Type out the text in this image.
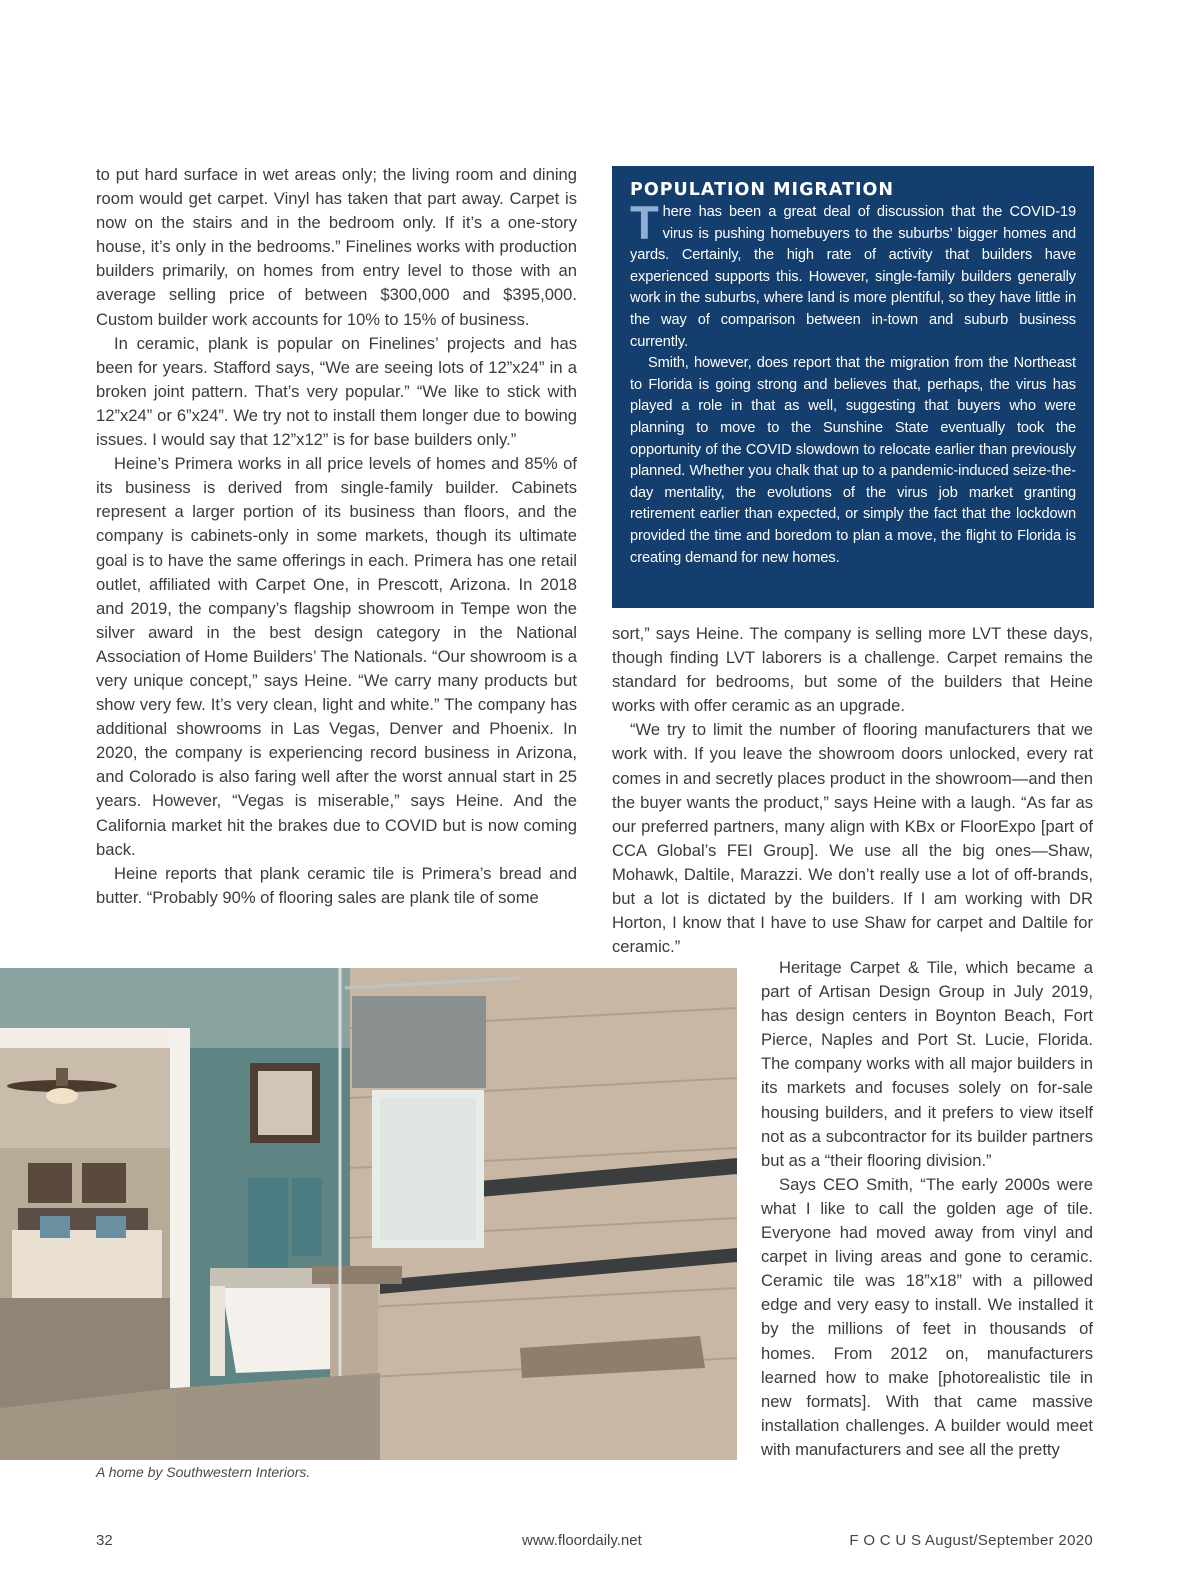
to put hard surface in wet areas only; the living room and dining room would get carpet. Vinyl has taken that part away. Carpet is now on the stairs and in the bedroom only. If it’s a one-story house, it’s only in the bedrooms.” Finelines works with production builders primarily, on homes from entry level to those with an average selling price of between $300,000 and $395,000. Custom builder work accounts for 10% to 15% of business.

In ceramic, plank is popular on Finelines’ projects and has been for years. Stafford says, “We are seeing lots of 12”x24” in a broken joint pattern. That’s very popular.” “We like to stick with 12”x24” or 6”x24”. We try not to install them longer due to bowing issues. I would say that 12”x12” is for base builders only.”

Heine’s Primera works in all price levels of homes and 85% of its business is derived from single-family builder. Cabinets represent a larger portion of its business than floors, and the company is cabinets-only in some markets, though its ultimate goal is to have the same offerings in each. Primera has one retail outlet, affiliated with Carpet One, in Prescott, Arizona. In 2018 and 2019, the company’s flagship showroom in Tempe won the silver award in the best design category in the National Association of Home Builders’ The Nationals. “Our showroom is a very unique concept,” says Heine. “We carry many products but show very few. It’s very clean, light and white.” The company has additional showrooms in Las Vegas, Denver and Phoenix. In 2020, the company is experiencing record business in Arizona, and Colorado is also faring well after the worst annual start in 25 years. However, “Vegas is miserable,” says Heine. And the California market hit the brakes due to COVID but is now coming back.

Heine reports that plank ceramic tile is Primera’s bread and butter. “Probably 90% of flooring sales are plank tile of some

POPULATION MIGRATION

There has been a great deal of discussion that the COVID-19 virus is pushing homebuyers to the suburbs’ bigger homes and yards. Certainly, the high rate of activity that builders have experienced supports this. However, single-family builders generally work in the suburbs, where land is more plentiful, so they have little in the way of comparison between in-town and suburb business currently.

Smith, however, does report that the migration from the Northeast to Florida is going strong and believes that, perhaps, the virus has played a role in that as well, suggesting that buyers who were planning to move to the Sunshine State eventually took the opportunity of the COVID slowdown to relocate earlier than previously planned. Whether you chalk that up to a pandemic-induced seize-the-day mentality, the evolutions of the virus job market granting retirement earlier than expected, or simply the fact that the lockdown provided the time and boredom to plan a move, the flight to Florida is creating demand for new homes.

sort,” says Heine. The company is selling more LVT these days, though finding LVT laborers is a challenge. Carpet remains the standard for bedrooms, but some of the builders that Heine works with offer ceramic as an upgrade.

“We try to limit the number of flooring manufacturers that we work with. If you leave the showroom doors unlocked, every rat comes in and secretly places product in the showroom—and then the buyer wants the product,” says Heine with a laugh. “As far as our preferred partners, many align with KBx or FloorExpo [part of CCA Global’s FEI Group]. We use all the big ones—Shaw, Mohawk, Daltile, Marazzi. We don’t really use a lot of off-brands, but a lot is dictated by the builders. If I am working with DR Horton, I know that I have to use Shaw for carpet and Daltile for ceramic.”

A home by Southwestern Interiors.

Heritage Carpet & Tile, which became a part of Artisan Design Group in July 2019, has design centers in Boynton Beach, Fort Pierce, Naples and Port St. Lucie, Florida. The company works with all major builders in its markets and focuses solely on for-sale housing builders, and it prefers to view itself not as a subcontractor for its builder partners but as a “their flooring division.”

Says CEO Smith, “The early 2000s were what I like to call the golden age of tile. Everyone had moved away from vinyl and carpet in living areas and gone to ceramic. Ceramic tile was 18”x18” with a pillowed edge and very easy to install. We installed it by the millions of feet in thousands of homes. From 2012 on, manufacturers learned how to make [photorealistic tile in new formats]. With that came massive installation challenges. A builder would meet with manufacturers and see all the pretty

32	www.floordaily.net	F O C U S August/September 2020
